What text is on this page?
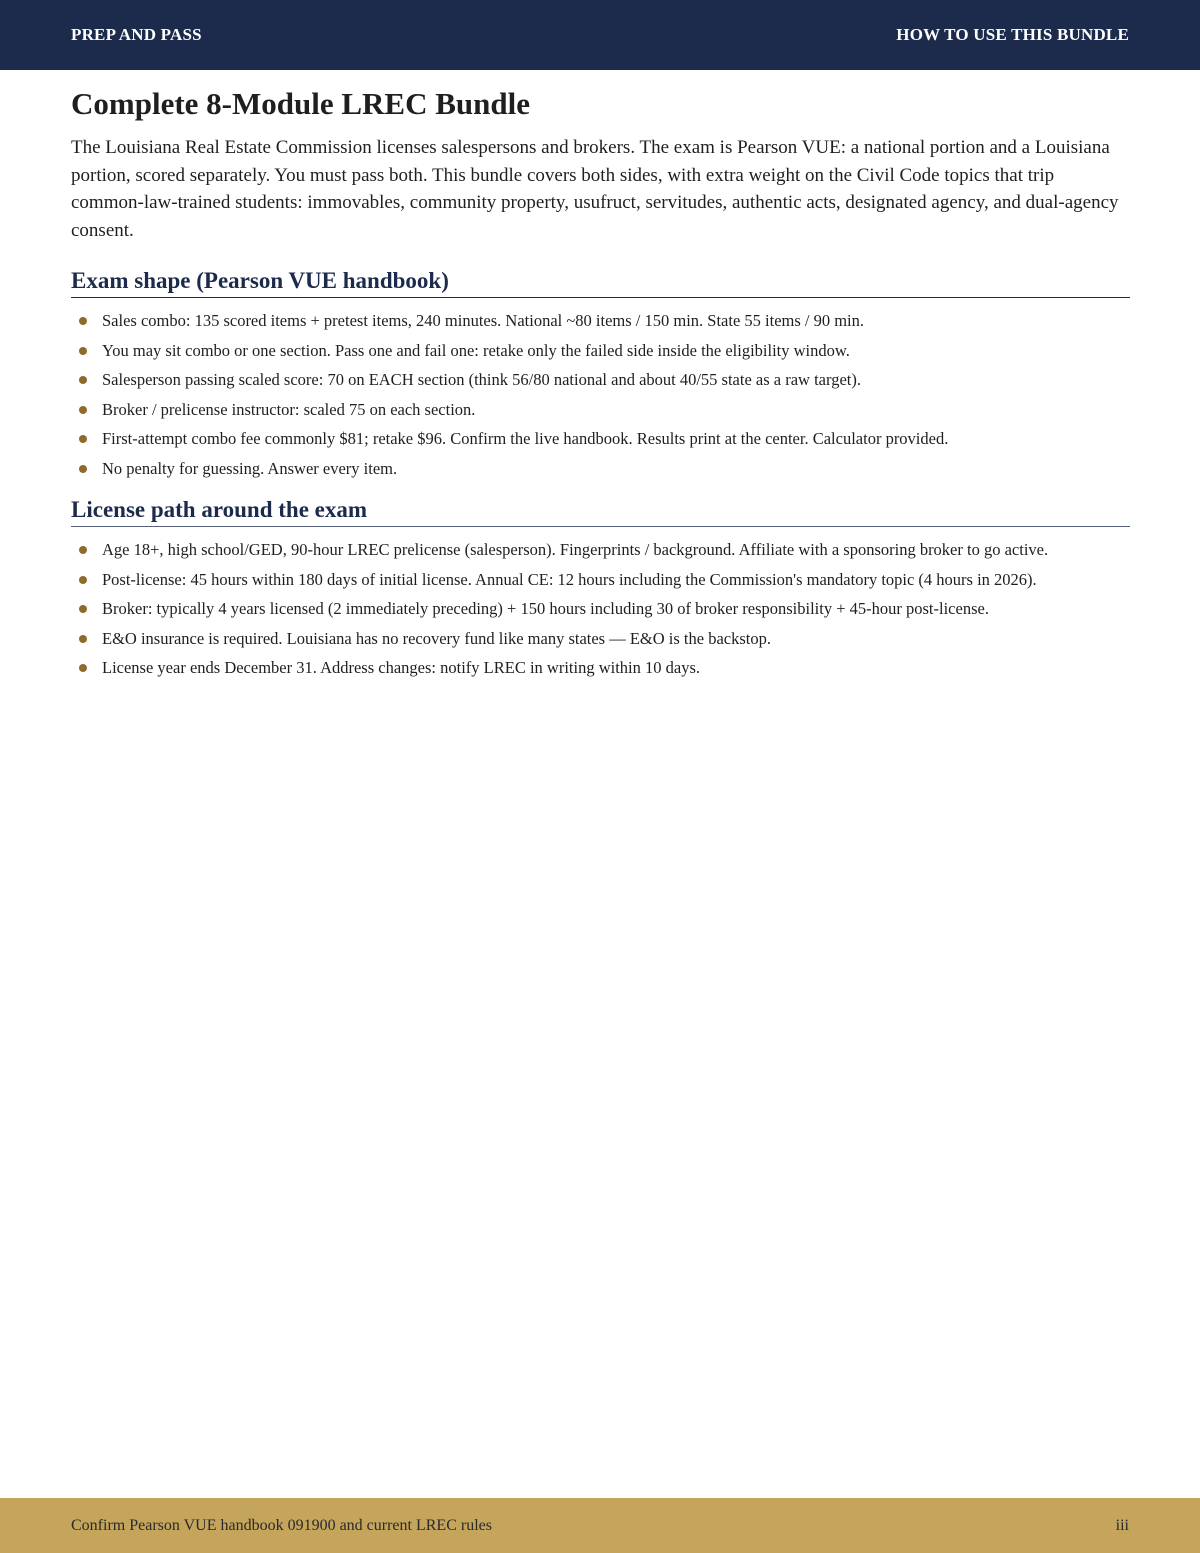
PREP AND PASS	HOW TO USE THIS BUNDLE
Complete 8-Module LREC Bundle

The Louisiana Real Estate Commission licenses salespersons and brokers. The exam is Pearson VUE: a national portion and a Louisiana portion, scored separately. You must pass both. This bundle covers both sides, with extra weight on the Civil Code topics that trip common-law-trained students: immovables, community property, usufruct, servitudes, authentic acts, designated agency, and dual-agency consent.

Exam shape (Pearson VUE handbook)
Sales combo: 135 scored items + pretest items, 240 minutes. National ~80 items / 150 min. State 55 items / 90 min.
You may sit combo or one section. Pass one and fail one: retake only the failed side inside the eligibility window.
Salesperson passing scaled score: 70 on EACH section (think 56/80 national and about 40/55 state as a raw target).
Broker / prelicense instructor: scaled 75 on each section.
First-attempt combo fee commonly $81; retake $96. Confirm the live handbook. Results print at the center. Calculator provided.
No penalty for guessing. Answer every item.
License path around the exam
Age 18+, high school/GED, 90-hour LREC prelicense (salesperson). Fingerprints / background. Affiliate with a sponsoring broker to go active.
Post-license: 45 hours within 180 days of initial license. Annual CE: 12 hours including the Commission's mandatory topic (4 hours in 2026).
Broker: typically 4 years licensed (2 immediately preceding) + 150 hours including 30 of broker responsibility + 45-hour post-license.
E&O insurance is required. Louisiana has no recovery fund like many states — E&O is the backstop.
License year ends December 31. Address changes: notify LREC in writing within 10 days.
Confirm Pearson VUE handbook 091900 and current LREC rules	iii
